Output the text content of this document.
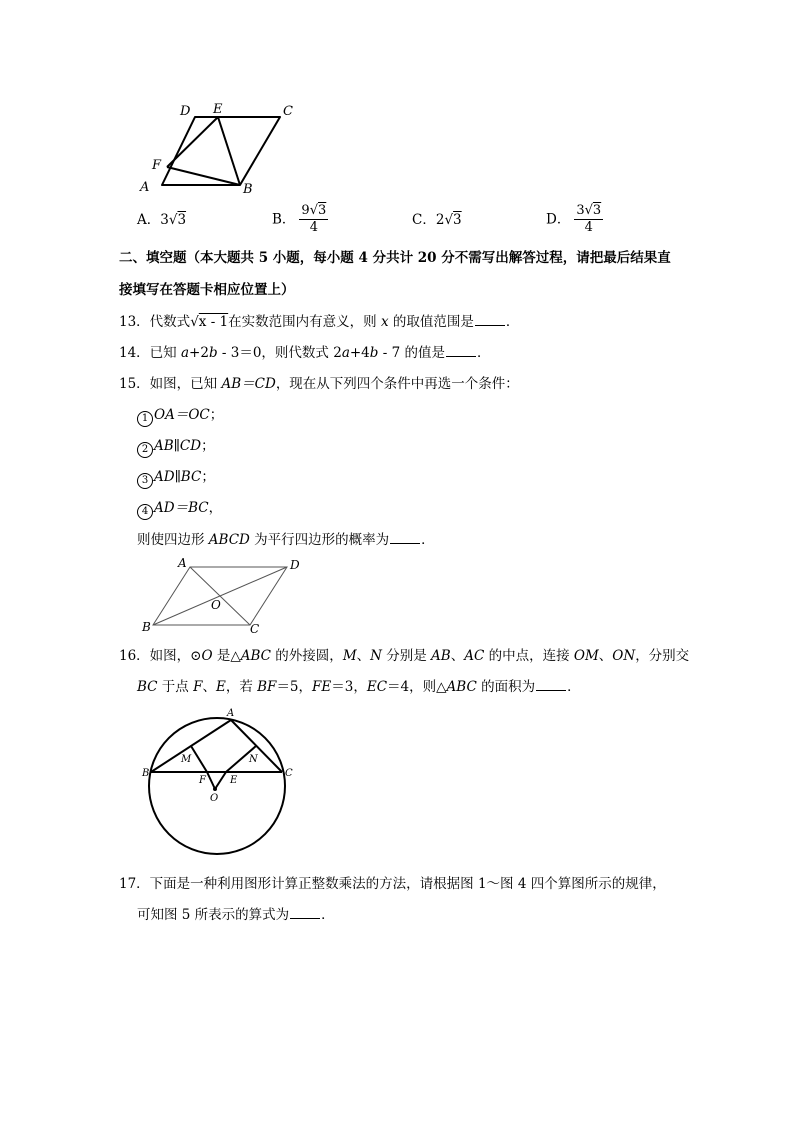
D E	C
F
A	B
A．3√3	B． $\frac{9√3}{4}$	C．2√3	D． $\frac{3√3}{4}$
二、填空题（本大题共 5 小题，每小题 4 分共计 20 分不需写出解答过程，请把最后结果直
接填写在答题卡相应位置上）
13．代数式√x - 1在实数范围内有意义，则 x 的取值范围是 ．
14．已知 a+2b - 3＝0，则代数式 2a+4b - 7 的值是 ．
15．如图，已知 AB＝CD，现在从下列四个条件中再选一个条件：
1 OA＝OC；
2 AB∥CD；
3 AD∥BC；
4 AD＝BC，
则使四边形 ABCD 为平行四边形的概率为 ．
A	D
O
B	C
16．如图，⊙O 是△ABC 的外接圆，M、N 分别是 AB、AC 的中点，连接 OM、ON，分别交
BC 于点 F、E，若 BF＝5，FE＝3，EC＝4，则△ABC 的面积为 ．
A
M	N
B
F E
C
O
17．下面是一种利用图形计算正整数乘法的方法，请根据图 1～图 4 四个算图所示的规律，
可知图 5 所表示的算式为 ．
